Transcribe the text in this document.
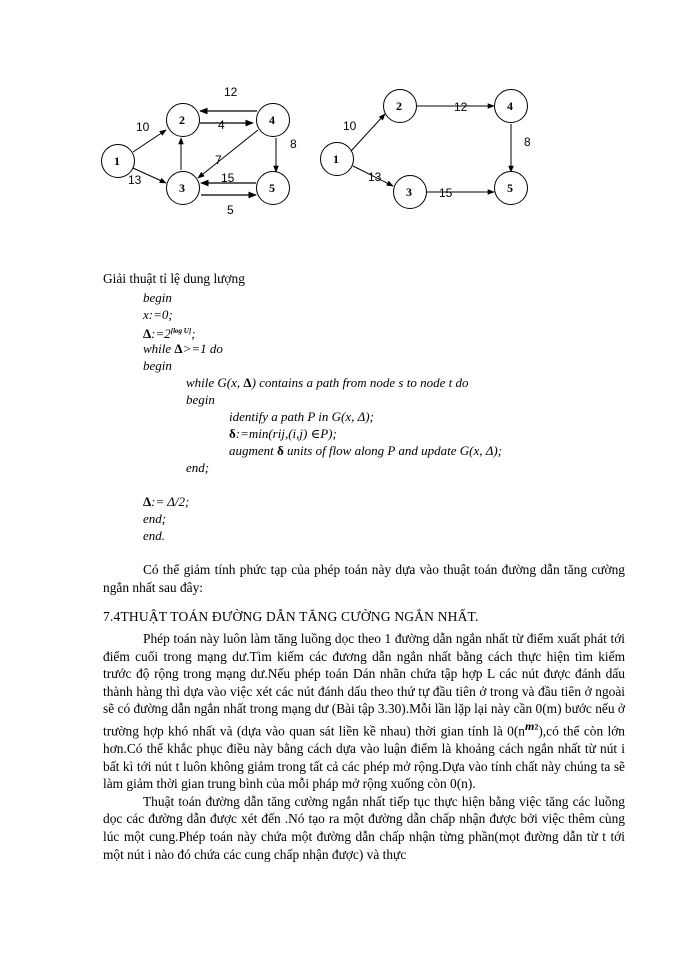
1
2
3
4
5
10
13
12
4
7
8
15
5
1
2
3
4
5
10
13
12
15
8
Giải thuật tỉ lệ dung lượng
begin
x:=0;
Δ:=2[log U];
while Δ>=1 do
begin
while G(x, Δ) contains a path from node s to node t do
begin
identify a path P in G(x, Δ);
δ:=min(rij,(i,j) ∈P);
augment δ units of flow along P and update G(x, Δ);
end;
Δ:= Δ/2;
end;
end.

Có thể giảm tính phức tạp của phép toán này dựa vào thuật toán đường dẫn tăng cường ngắn nhất sau đây:

7.4THUẬT TOÁN ĐƯỜNG DẪN TĂNG CƯỜNG NGẮN NHẤT.

Phép toán này luôn làm tăng luồng dọc theo 1 đường dẫn ngắn nhất từ điểm xuất phát tới điểm cuối trong mạng dư.Tìm kiếm các đương dẫn ngắn nhất bằng cách thực hiện tìm kiếm trước độ rộng trong mạng dư.Nếu phép toán Dán nhãn chứa tập hợp L các nút được đánh dấu thành hàng thì dựa vào việc xét các nút đánh dấu theo thứ tự đầu tiên ở trong và đầu tiên ở ngoài sẽ có đường dẫn ngắn nhất trong mạng dư (Bài tập 3.30).Mỗi lần lặp lại này cần 0(m) bước nếu ở trường hợp khó nhất và (dựa vào quan sát liền kề nhau) thời gian tính là $0(n^{m2}),có$ thể còn lớn hơn.Có thể khắc phục điều này bằng cách dựa vào luận điểm là khoảng cách ngắn nhất từ nút i bất kì tới nút t luôn không giảm trong tất cả các phép mở rộng.Dựa vào tính chất này chúng ta sẽ làm giảm thời gian trung bình của mỗi pháp mở rộng xuống còn 0(n).

Thuật toán đường dẫn tăng cường ngắn nhất tiếp tục thực hiện bằng việc tăng các luồng dọc các đường dẫn được xét đến .Nó tạo ra một đường dẫn chấp nhận được bởi việc thêm cùng lúc một cung.Phép toán này chứa một đường dẫn chấp nhận từng phần(mọt đường dẫn từ t tới một nút i nào đó chứa các cung chấp nhận được) và thực
